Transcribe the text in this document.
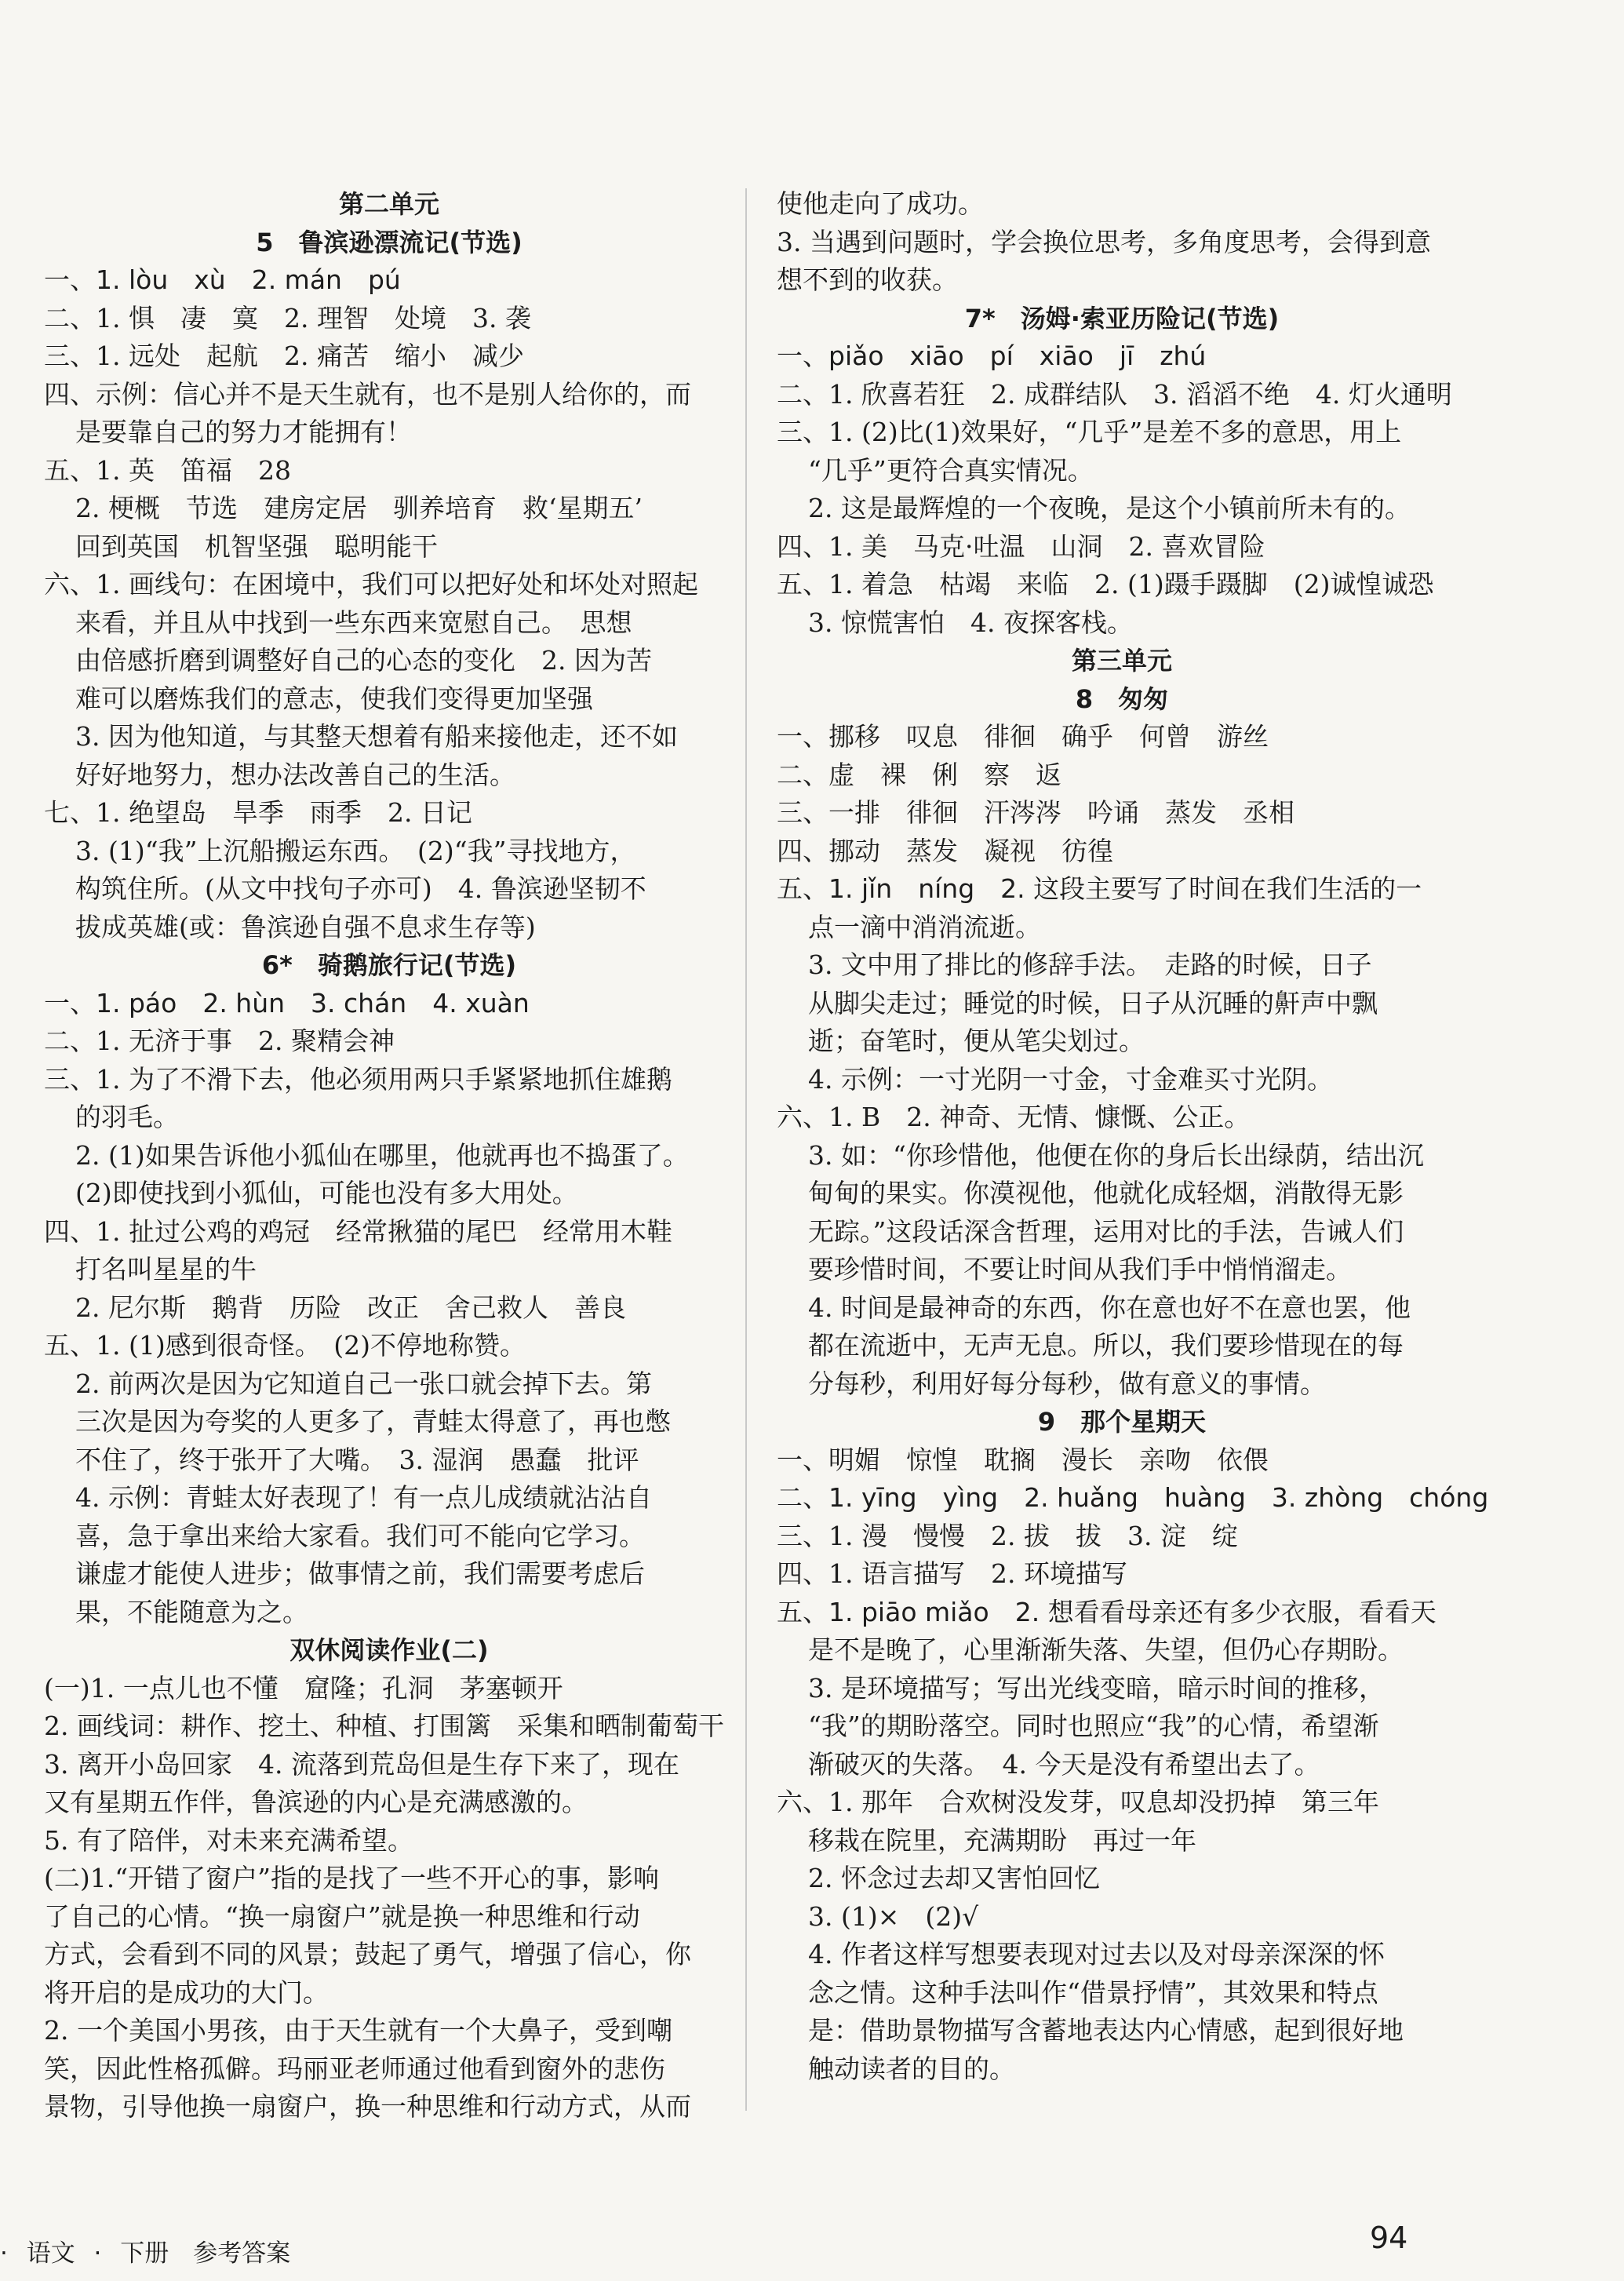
第二单元
5　鲁滨逊漂流记(节选)
一、1. lòu　xù　2. mán　pú
二、1. 惧　凄　寞　2. 理智　处境　3. 袭
三、1. 远处　起航　2. 痛苦　缩小　减少
四、示例：信心并不是天生就有，也不是别人给你的，而
是要靠自己的努力才能拥有！
五、1. 英　笛福　28
2. 梗概　节选　建房定居　驯养培育　救‘星期五’
回到英国　机智坚强　聪明能干
六、1. 画线句：在困境中，我们可以把好处和坏处对照起
来看，并且从中找到一些东西来宽慰自己。　思想
由倍感折磨到调整好自己的心态的变化　2. 因为苦
难可以磨炼我们的意志，使我们变得更加坚强
3. 因为他知道，与其整天想着有船来接他走，还不如
好好地努力，想办法改善自己的生活。
七、1. 绝望岛　旱季　雨季　2. 日记
3. (1)“我”上沉船搬运东西。　(2)“我”寻找地方，
构筑住所。(从文中找句子亦可)　4. 鲁滨逊坚韧不
拔成英雄(或：鲁滨逊自强不息求生存等)
6*　骑鹅旅行记(节选)
一、1. páo　2. hùn　3. chán　4. xuàn
二、1. 无济于事　2. 聚精会神
三、1. 为了不滑下去，他必须用两只手紧紧地抓住雄鹅
的羽毛。
2. (1)如果告诉他小狐仙在哪里，他就再也不捣蛋了。
(2)即使找到小狐仙，可能也没有多大用处。
四、1. 扯过公鸡的鸡冠　经常揪猫的尾巴　经常用木鞋
打名叫星星的牛
2. 尼尔斯　鹅背　历险　改正　舍己救人　善良
五、1. (1)感到很奇怪。　(2)不停地称赞。
2. 前两次是因为它知道自己一张口就会掉下去。第
三次是因为夸奖的人更多了，青蛙太得意了，再也憋
不住了，终于张开了大嘴。　3. 湿润　愚蠢　批评
4. 示例：青蛙太好表现了！有一点儿成绩就沾沾自
喜，急于拿出来给大家看。我们可不能向它学习。
谦虚才能使人进步；做事情之前，我们需要考虑后
果，不能随意为之。
双休阅读作业(二)
(一)1. 一点儿也不懂　窟隆；孔洞　茅塞顿开
2. 画线词：耕作、挖土、种植、打围篱　采集和晒制葡萄干
3. 离开小岛回家　4. 流落到荒岛但是生存下来了，现在
又有星期五作伴，鲁滨逊的内心是充满感激的。
5. 有了陪伴，对未来充满希望。
(二)1.“开错了窗户”指的是找了一些不开心的事，影响
了自己的心情。“换一扇窗户”就是换一种思维和行动
方式，会看到不同的风景；鼓起了勇气，增强了信心，你
将开启的是成功的大门。
2. 一个美国小男孩，由于天生就有一个大鼻子，受到嘲
笑，因此性格孤僻。玛丽亚老师通过他看到窗外的悲伤
景物，引导他换一扇窗户，换一种思维和行动方式，从而
使他走向了成功。
3. 当遇到问题时，学会换位思考，多角度思考，会得到意
想不到的收获。
7*　汤姆·索亚历险记(节选)
一、piǎo　xiāo　pí　xiāo　jī　zhú
二、1. 欣喜若狂　2. 成群结队　3. 滔滔不绝　4. 灯火通明
三、1. (2)比(1)效果好，“几乎”是差不多的意思，用上
“几乎”更符合真实情况。
2. 这是最辉煌的一个夜晚，是这个小镇前所未有的。
四、1. 美　马克·吐温　山洞　2. 喜欢冒险
五、1. 着急　枯竭　来临　2. (1)蹑手蹑脚　(2)诚惶诚恐
3. 惊慌害怕　4. 夜探客栈。
第三单元
8　匆匆
一、挪移　叹息　徘徊　确乎　何曾　游丝
二、虚　裸　俐　察　返
三、一排　徘徊　汗涔涔　吟诵　蒸发　丞相
四、挪动　蒸发　凝视　彷徨
五、1. jǐn　níng　2. 这段主要写了时间在我们生活的一
点一滴中消消流逝。
3. 文中用了排比的修辞手法。　走路的时候，日子
从脚尖走过；睡觉的时候，日子从沉睡的鼾声中飘
逝；奋笔时，便从笔尖划过。
4. 示例：一寸光阴一寸金，寸金难买寸光阴。
六、1. B　2. 神奇、无情、慷慨、公正。
3. 如：“你珍惜他，他便在你的身后长出绿荫，结出沉
甸甸的果实。你漠视他，他就化成轻烟，消散得无影
无踪。”这段话深含哲理，运用对比的手法，告诫人们
要珍惜时间，不要让时间从我们手中悄悄溜走。
4. 时间是最神奇的东西，你在意也好不在意也罢，他
都在流逝中，无声无息。所以，我们要珍惜现在的每
分每秒，利用好每分每秒，做有意义的事情。
9　那个星期天
一、明媚　惊惶　耽搁　漫长　亲吻　依偎
二、1. yīng　yìng　2. huǎng　huàng　3. zhòng　chóng
三、1. 漫　慢慢　2. 拔　拔　3. 淀　绽
四、1. 语言描写　2. 环境描写
五、1. piāo miǎo　2. 想看看母亲还有多少衣服，看看天
是不是晚了，心里渐渐失落、失望，但仍心存期盼。
3. 是环境描写；写出光线变暗，暗示时间的推移，
“我”的期盼落空。同时也照应“我”的心情，希望渐
渐破灭的失落。　4. 今天是没有希望出去了。
六、1. 那年　合欢树没发芽，叹息却没扔掉　第三年
移栽在院里，充满期盼　再过一年
2. 怀念过去却又害怕回忆
3. (1)×　(2)√
4. 作者这样写想要表现对过去以及对母亲深深的怀
念之情。这种手法叫作“借景抒情”，其效果和特点
是：借助景物描写含蓄地表达内心情感，起到很好地
触动读者的目的。
· 语文 · 下册　参考答案	94
